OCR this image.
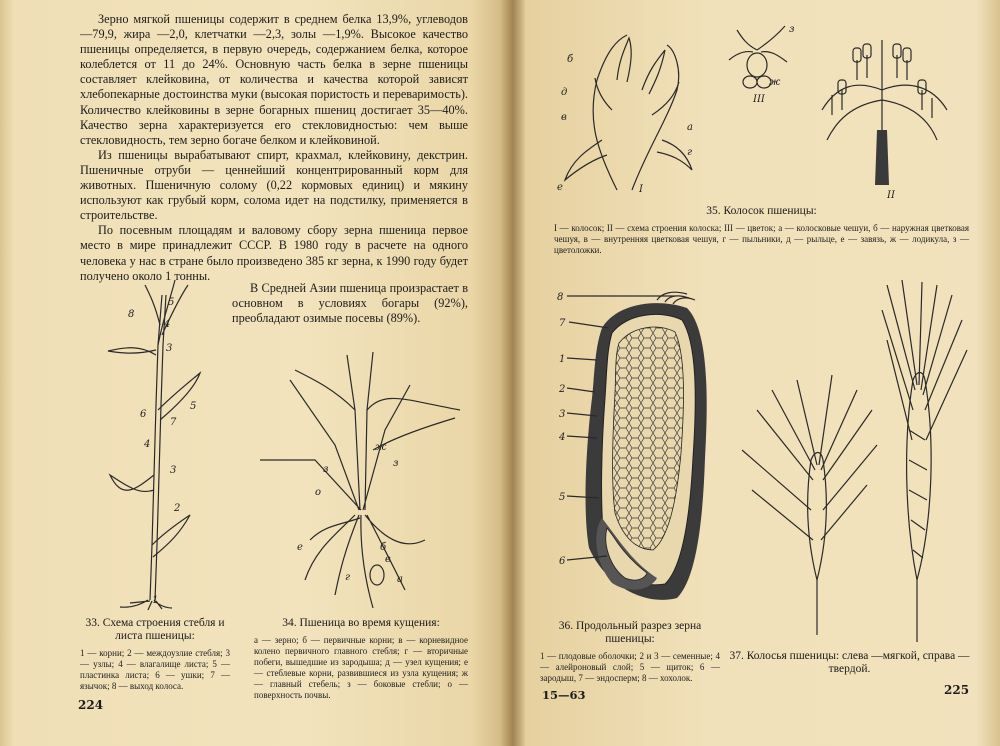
Зерно мягкой пшеницы содержит в среднем белка 13,9%, углеводов —79,9, жира —2,0, клетчатки —2,3, золы —1,9%. Высокое качество пшеницы определяется, в первую очередь, содержанием белка, которое колеблется от 11 до 24%. Основную часть белка в зерне пшеницы составляет клейковина, от количества и качества которой зависят хлебопекарные достоинства муки (высокая пористость и переваримость). Количество клейковины в зерне богарных пшениц достигает 35—40%. Качество зерна характеризуется его стекловидностью: чем выше стекловидность, тем зерно богаче белком и клейковиной.

Из пшеницы вырабатывают спирт, крахмал, клейковину, декстрин. Пшеничные отруби — ценнейший концентрированный корм для животных. Пшеничную солому (0,22 кормовых единиц) и мякину используют как грубый корм, солома идет на подстилку, применяется в строительстве.

По посевным площадям и валовому сбору зерна пшеница первое место в мире принадлежит СССР. В 1980 году в расчете на одного человека у нас в стране было произведено 385 кг зерна, к 1990 году будет получено около 1 тонны.

В Средней Азии пшеница произрастает в основном в условиях богары (92%), преобладают озимые посевы (89%).
5
8
4
3
5
6
7
4
3
2
1
ж
з
з
о
е
г
б
в
а
33. Схема строения стебля и листа пшеницы:
1 — корни; 2 — междоузлие стебля; 3 — узлы; 4 — влагалище листа; 5 — пластинка листа; 6 — ушки; 7 — язычок; 8 — выход колоса.
34. Пшеница во время кущения:
а — зерно; б — первичные корни; в — корневидное колено первичного главного стебля; г — вторичные побеги, вышедшие из зародыша; д — узел кущения; е — стеблевые корни, развившиеся из узла кущения; ж — главный стебель; з — боковые стебли; о — поверхность почвы.
224
б
д
в
е
а
г
з
ж
I
II
III
35. Колосок пшеницы:
I — колосок; II — схема строения колоска; III — цветок; а — колосковые чешуи, б — наружная цветковая чешуя, в — внутренняя цветковая чешуя, г — пыльники, д — рыльце, е — завязь, ж — лодикула, з — цветоложки.
8
7
1
2
3
4
5
6
36. Продольный разрез зерна пшеницы:
1 — плодовые оболочки; 2 и 3 — семенные; 4 — алейроновый слой; 5 — щиток; 6 — зародыш, 7 — эндосперм; 8 — хохолок.
37. Колосья пшеницы: слева —мягкой, справа — твердой.
15—63	225
